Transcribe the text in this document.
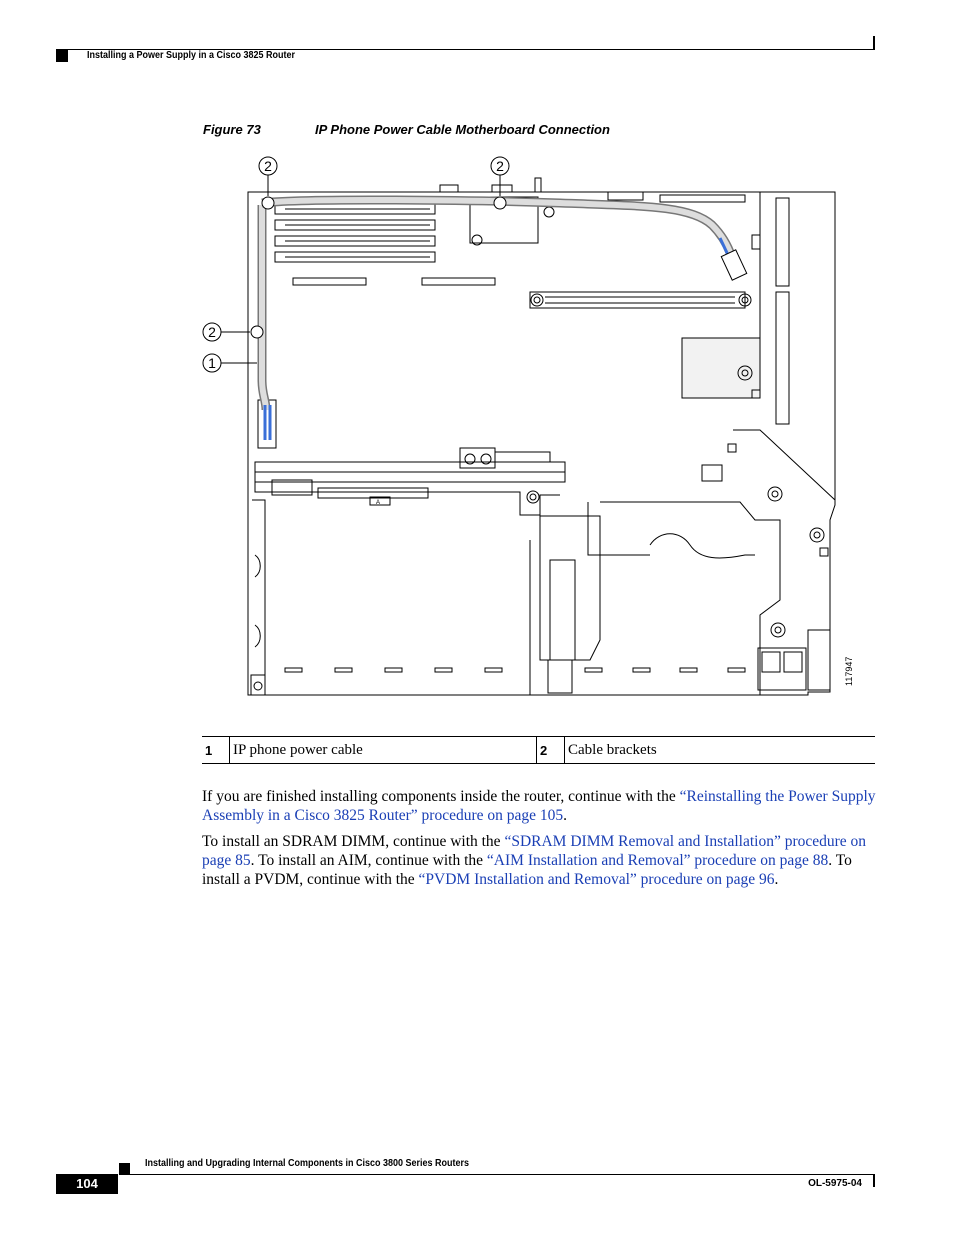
Installing a Power Supply in a Cisco 3825 Router
Figure 73	IP Phone Power Cable Motherboard Connection
2	2
2
1
A
117947
1	IP phone power cable	2	Cable brackets
If you are finished installing components inside the router, continue with the “Reinstalling the Power Supply Assembly in a Cisco 3825 Router” procedure on page 105.
To install an SDRAM DIMM, continue with the “SDRAM DIMM Removal and Installation” procedure on page 85. To install an AIM, continue with the “AIM Installation and Removal” procedure on page 88. To install a PVDM, continue with the “PVDM Installation and Removal” procedure on page 96.
Installing and Upgrading Internal Components in Cisco 3800 Series Routers
104	OL-5975-04
